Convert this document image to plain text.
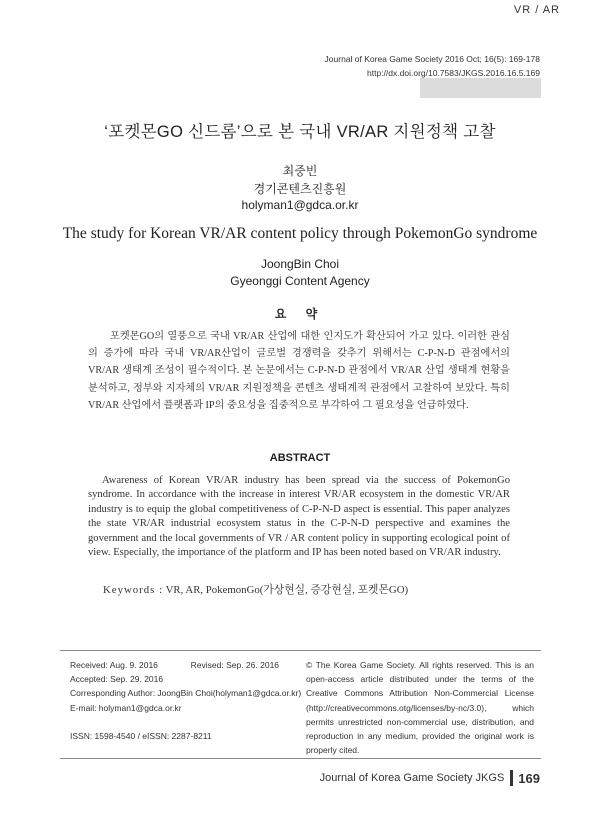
Journal of Korea Game Society 2016 Oct; 16(5): 169-178
http://dx.doi.org/10.7583/JKGS.2016.16.5.169
VR / AR
‘포켓몬GO 신드롬’으로 본 국내 VR/AR 지원정책 고찰
최중빈
경기콘텐츠진흥원
holyman1@gdca.or.kr
The study for Korean VR/AR content policy through PokemonGo syndrome
JoongBin Choi
Gyeonggi Content Agency
요 약

포켓몬GO의 열풍으로 국내 VR/AR 산업에 대한 인지도가 확산되어 가고 있다. 이러한 관심의 증가에 따라 국내 VR/AR산업이 글로벌 경쟁력을 갖추기 위해서는 C-P-N-D 관점에서의 VR/AR 생태계 조성이 필수적이다. 본 논문에서는 C-P-N-D 관점에서 VR/AR 산업 생태계 현황을 분석하고, 정부와 지자체의 VR/AR 지원정책을 콘텐츠 생태계적 관점에서 고찰하여 보았다. 특히 VR/AR 산업에서 플랫폼과 IP의 중요성을 집중적으로 부각하여 그 필요성을 언급하였다.

ABSTRACT

Awareness of Korean VR/AR industry has been spread via the success of PokemonGo syndrome. In accordance with the increase in interest VR/AR ecosystem in the domestic VR/AR industry is to equip the global competitiveness of C-P-N-D aspect is essential. This paper analyzes the state VR/AR industrial ecosystem status in the C-P-N-D perspective and examines the government and the local governments of VR / AR content policy in supporting ecological point of view. Especially, the importance of the platform and IP has been noted based on VR/AR industry.

Keywords : VR, AR, PokemonGo(가상현실, 증강현실, 포켓몬GO)
Received: Aug. 9. 2016	Revised: Sep. 26. 2016
Accepted: Sep. 29. 2016
Corresponding Author: JoongBin Choi(holyman1@gdca.or.kr)
E-mail: holyman1@gdca.or.kr
ISSN: 1598-4540 / eISSN: 2287-8211

© The Korea Game Society. All rights reserved. This is an open-access article distributed under the terms of the Creative Commons Attribution Non-Commercial License (http://creativecommons.otg/licenses/by-nc/3.0), which permits unrestricted non-commercial use, distribution, and reproduction in any medium, provided the original work is properly cited.

Journal of Korea Game Society JKGS 169
